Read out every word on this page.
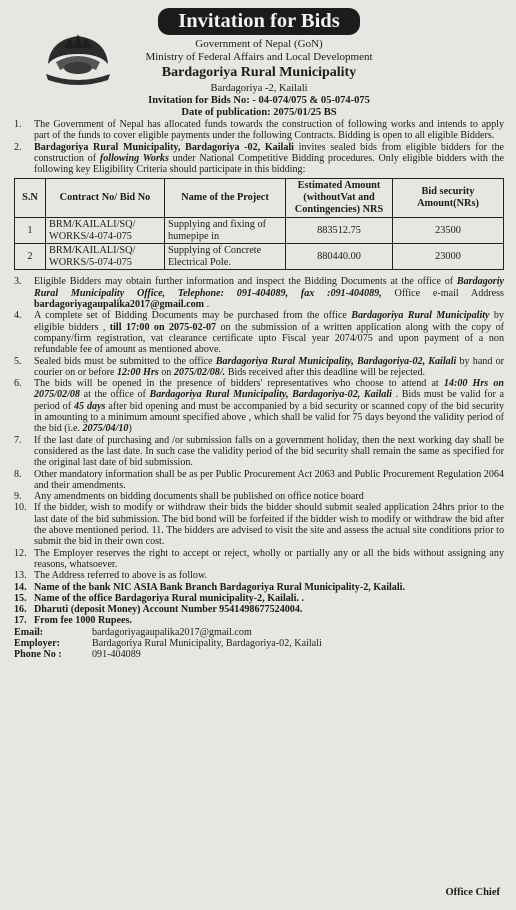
Invitation for Bids
Government of Nepal (GoN)
Ministry of Federal Affairs and Local Development
Bardagoriya Rural Municipality
Bardagoriya -2, Kailali
Invitation for Bids No: - 04-074/075 & 05-074-075
Date of publication: 2075/01/25 BS
1.	The Government of Nepal has allocated funds towards the construction of following works and intends to apply part of the funds to cover eligible payments under the following Contracts. Bidding is open to all eligible Bidders.
2.	Bardagoriya Rural Municipality, Bardagoriya -02, Kailali invites sealed bids from eligible bidders for the construction of following Works under National Competitive Bidding procedures. Only eligible bidders with the following key Eligibility Criteria should participate in this bidding:
S.N	Contract No/ Bid No	Name of the Project	Estimated Amount (withoutVat and Contingencies) NRS	Bid security Amount(NRs)
1	BRM/KAILALI/SQ/ WORKS/4-074-075	Supplying and fixing of humepipe in	883512.75	23500
2	BRM/KAILALI/SQ/ WORKS/5-074-075	Supplying of Concrete Electrical Pole.	880440.00	23000
3.	Eligible Bidders may obtain further information and inspect the Bidding Documents at the office of Bardagoriy Rural Municipality Office, Telephone: 091-404089, fax :091-404089, Office e-mail Address bardagoriyagaupalika2017@gmail.com .
4.	A complete set of Bidding Documents may be purchased from the office Bardagoriya Rural Municipality by eligible bidders , till 17:00 on 2075-02-07 on the submission of a written application along with the copy of company/firm registration, vat clearance certificate upto Fiscal year 2074/075 and upon payment of a non refundable fee of amount as mentioned above.
5.	Sealed bids must be submitted to the office Bardagoriya Rural Municipality, Bardagoriya-02, Kailali by hand or courier on or before 12:00 Hrs on 2075/02/08/. Bids received after this deadline will be rejected.
6.	The bids will be opened in the presence of bidders' representatives who choose to attend at 14:00 Hrs on 2075/02/08 at the office of Bardagoriya Rural Municipality, Bardagoriya-02, Kailali . Bids must be valid for a period of 45 days after bid opening and must be accompanied by a bid security or scanned copy of the bid security in amounting to a minimum amount specified above , which shall be valid for 75 days beyond the validity period of the bid (i.e. 2075/04/10)
7.	If the last date of purchasing and /or submission falls on a government holiday, then the next working day shall be considered as the last date. In such case the validity period of the bid security shall remain the same as specified for the original last date of bid submission.
8.	Other mandatory information shall be as per Public Procurement Act 2063 and Public Procurement Regulation 2064 and their amendments.
9.	Any amendments on bidding documents shall be published on office notice board
10. If the bidder, wish to modify or withdraw their bids the bidder should submit sealed application 24hrs prior to the last date of the bid submission. The bid bond will be forfeited if the bidder wish to modify or withdraw the bid after the above mentioned period. 11. The bidders are advised to visit the site and assess the actual site conditions prior to submit the bid in their own cost.
12. The Employer reserves the right to accept or reject, wholly or partially any or all the bids without assigning any reasons, whatsoever.
13. The Address referred to above is as follow.
14. Name of the bank NIC ASIA Bank Branch Bardagoriya Rural Municipality-2, Kailali.
15. Name of the office Bardagoriya Rural municipality-2, Kailali. .
16. Dharuti (deposit Money) Account Number 9541498677524004.
17. From fee 1000 Rupees.
Email:	bardagoriyagaupalika2017@gmail.com
Employer:	Bardagoriya Rural Municipality, Bardagoriya-02, Kailali
Phone No :	091-404089
Office Chief
